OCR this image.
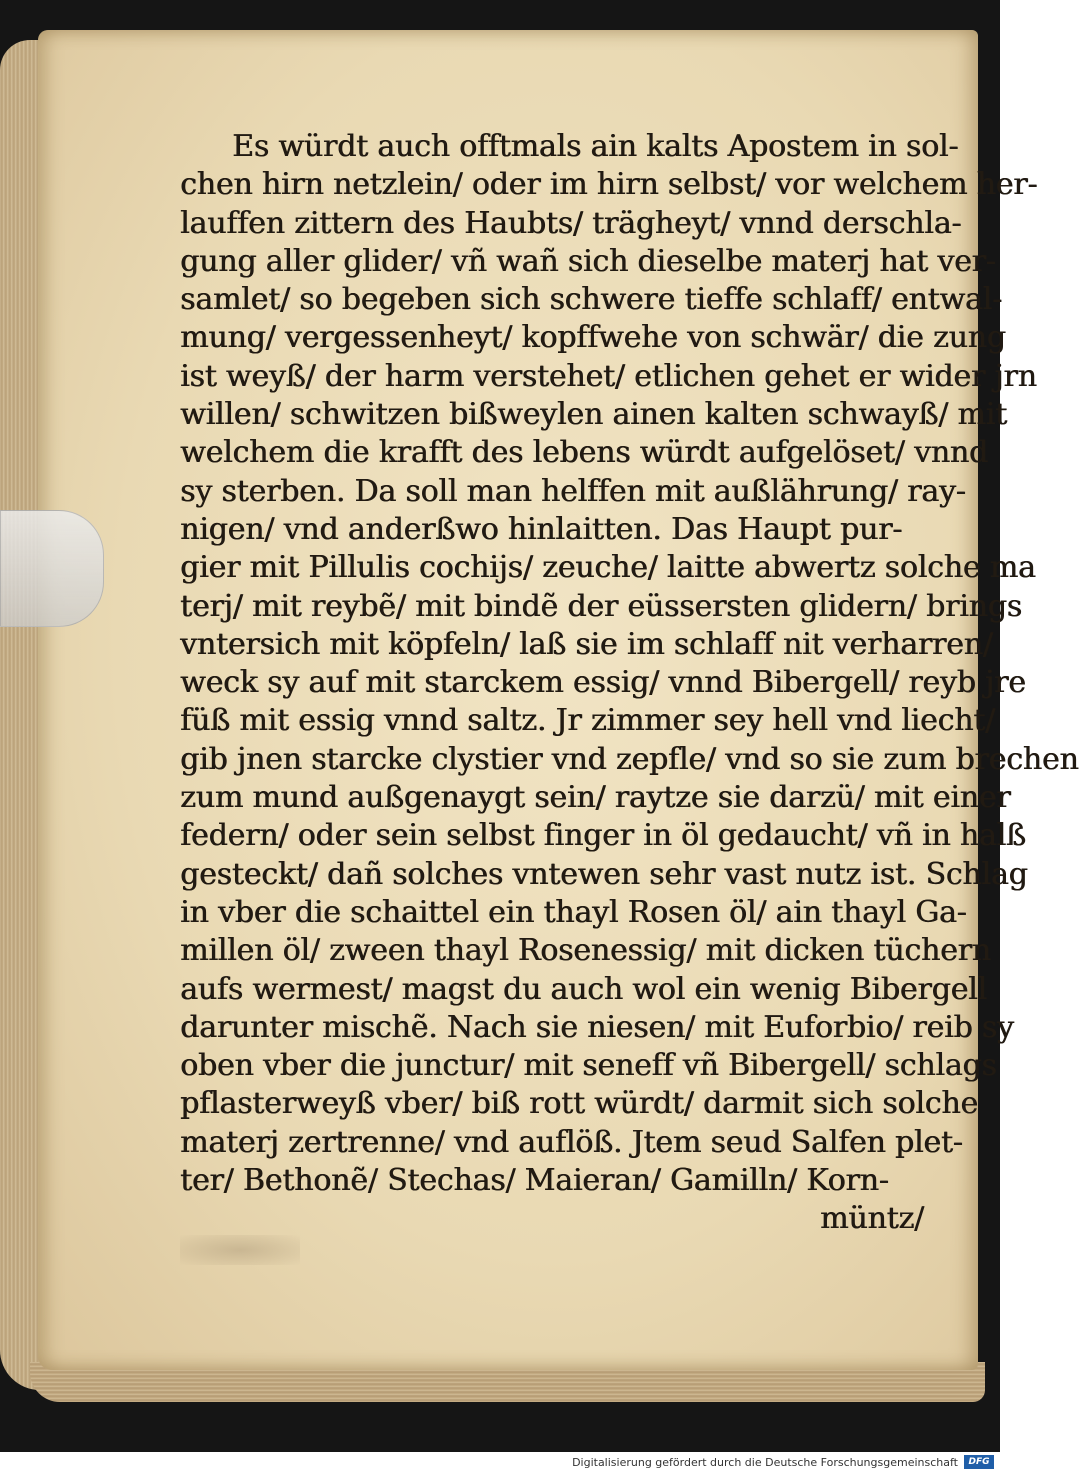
Es würdt auch offtmals ain kalts Apostem in sol-
chen hirn netzlein/ oder im hirn selbst/ vor welchem her-
lauffen zittern des Haubts/ trägheyt/ vnnd derschla-
gung aller glider/ vñ wañ sich dieselbe materj hat ver-
samlet/ so begeben sich schwere tieffe schlaff/ entwal-
mung/ vergessenheyt/ kopffwehe von schwär/ die zung
ist weyß/ der harm verstehet/ etlichen gehet er wider jrn
willen/ schwitzen bißweylen ainen kalten schwayß/ mit
welchem die krafft des lebens würdt aufgelöset/ vnnd
sy sterben. Da soll man helffen mit außlährung/ ray-
nigen/ vnd anderßwo hinlaitten. Das Haupt pur-
gier mit Pillulis cochijs/ zeuche/ laitte abwertz solche ma
terj/ mit reybẽ/ mit bindẽ der eüssersten glidern/ brings
vntersich mit köpfeln/ laß sie im schlaff nit verharren/
weck sy auf mit starckem essig/ vnnd Bibergell/ reyb jre
füß mit essig vnnd saltz. Jr zimmer sey hell vnd liecht/
gib jnen starcke clystier vnd zepfle/ vnd so sie zum brechen
zum mund außgenaygt sein/ raytze sie darzü/ mit einer
federn/ oder sein selbst finger in öl gedaucht/ vñ in halß
gesteckt/ dañ solches vntewen sehr vast nutz ist. Schlag
in vber die schaittel ein thayl Rosen öl/ ain thayl Ga-
millen öl/ zween thayl Rosenessig/ mit dicken tüchern
aufs wermest/ magst du auch wol ein wenig Bibergell
darunter mischẽ. Nach sie niesen/ mit Euforbio/ reib sy
oben vber die junctur/ mit seneff vñ Bibergell/ schlags
pflasterweyß vber/ biß rott würdt/ darmit sich solche
materj zertrenne/ vnd auflöß. Jtem seud Salfen plet-
ter/ Bethonẽ/ Stechas/ Maieran/ Gamilln/ Korn-
müntz/
Digitalisierung gefördert durch die Deutsche Forschungsgemeinschaft	DFG
